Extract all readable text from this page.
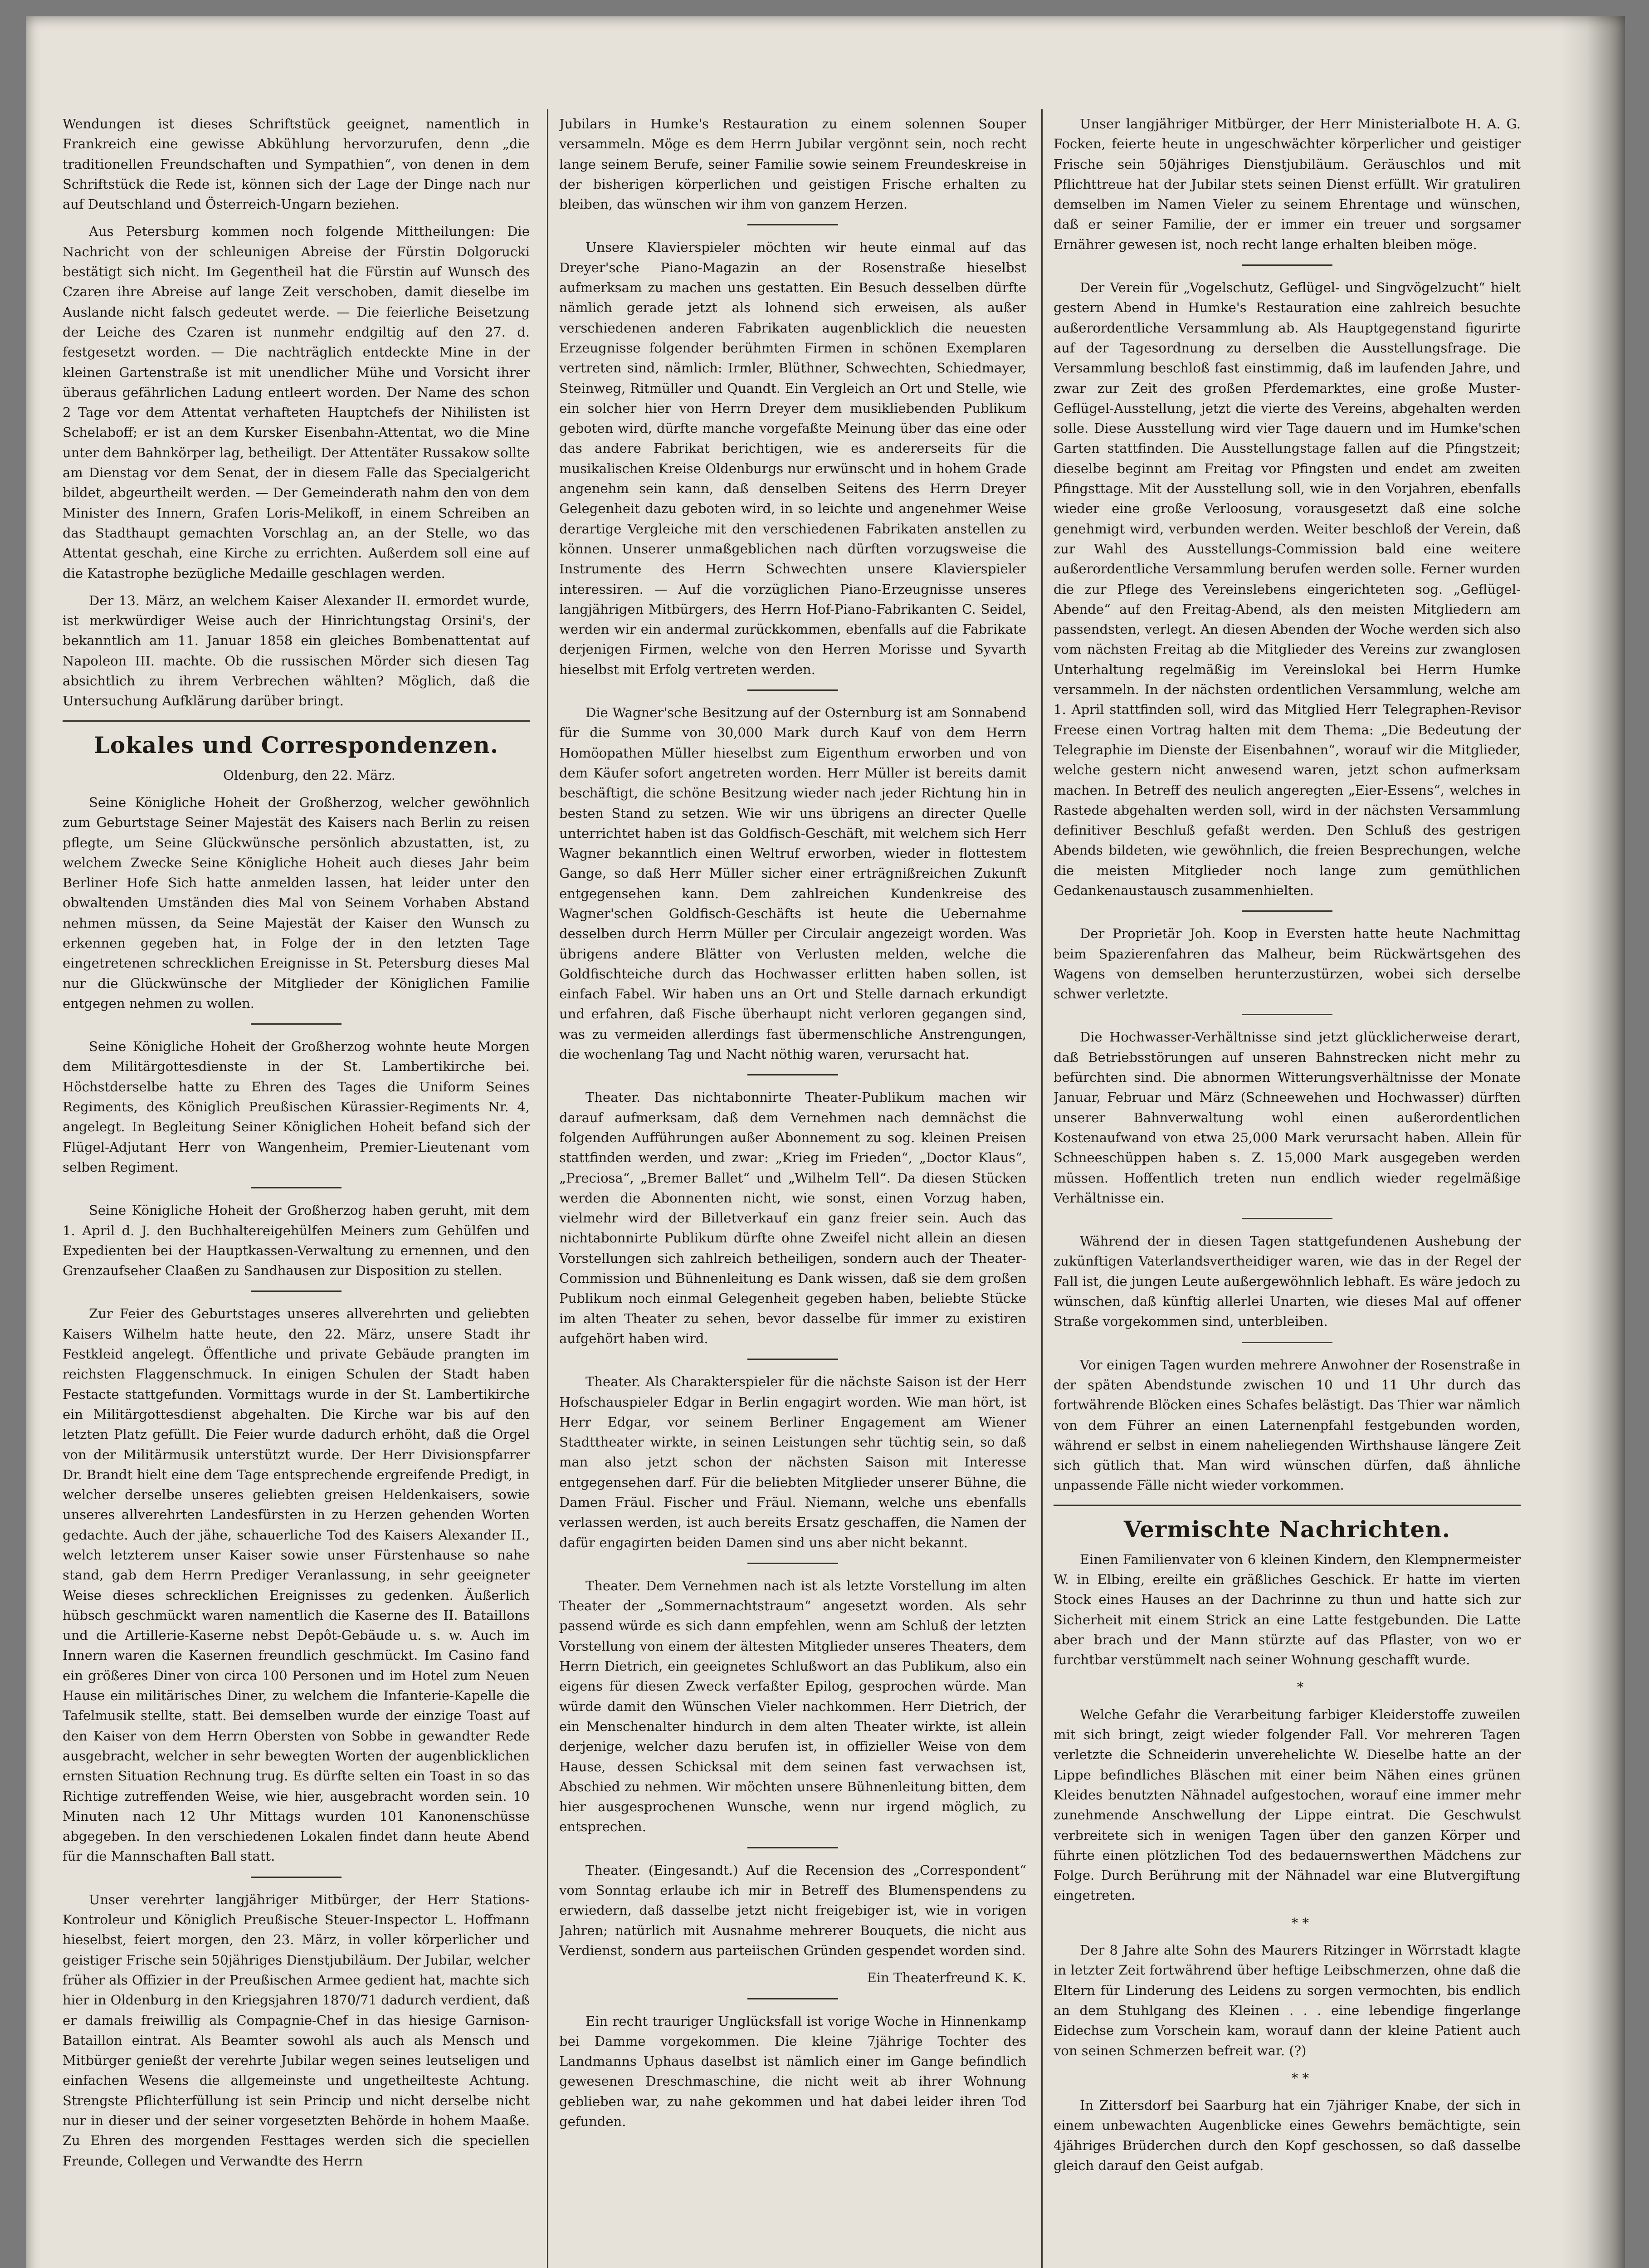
Wendungen ist dieses Schriftstück geeignet, namentlich in Frankreich eine gewisse Abkühlung hervorzurufen, denn „die traditionellen Freundschaften und Sympathien“, von denen in dem Schriftstück die Rede ist, können sich der Lage der Dinge nach nur auf Deutschland und Österreich-Ungarn beziehen.

Aus Petersburg kommen noch folgende Mittheilungen: Die Nachricht von der schleunigen Abreise der Fürstin Dolgorucki bestätigt sich nicht. Im Gegentheil hat die Fürstin auf Wunsch des Czaren ihre Abreise auf lange Zeit verschoben, damit dieselbe im Auslande nicht falsch gedeutet werde. — Die feierliche Beisetzung der Leiche des Czaren ist nunmehr endgiltig auf den 27. d. festgesetzt worden. — Die nachträglich entdeckte Mine in der kleinen Gartenstraße ist mit unendlicher Mühe und Vorsicht ihrer überaus gefährlichen Ladung entleert worden. Der Name des schon 2 Tage vor dem Attentat verhafteten Hauptchefs der Nihilisten ist Schelaboff; er ist an dem Kursker Eisenbahn-Attentat, wo die Mine unter dem Bahnkörper lag, betheiligt. Der Attentäter Russakow sollte am Dienstag vor dem Senat, der in diesem Falle das Specialgericht bildet, abgeurtheilt werden. — Der Gemeinderath nahm den von dem Minister des Innern, Grafen Loris-Melikoff, in einem Schreiben an das Stadthaupt gemachten Vorschlag an, an der Stelle, wo das Attentat geschah, eine Kirche zu errichten. Außerdem soll eine auf die Katastrophe bezügliche Medaille geschlagen werden.

Der 13. März, an welchem Kaiser Alexander II. ermordet wurde, ist merkwürdiger Weise auch der Hinrichtungstag Orsini's, der bekanntlich am 11. Januar 1858 ein gleiches Bombenattentat auf Napoleon III. machte. Ob die russischen Mörder sich diesen Tag absichtlich zu ihrem Verbrechen wählten? Möglich, daß die Untersuchung Aufklärung darüber bringt.

Lokales und Correspondenzen.

Oldenburg, den 22. März.

Seine Königliche Hoheit der Großherzog, welcher gewöhnlich zum Geburtstage Seiner Majestät des Kaisers nach Berlin zu reisen pflegte, um Seine Glückwünsche persönlich abzustatten, ist, zu welchem Zwecke Seine Königliche Hoheit auch dieses Jahr beim Berliner Hofe Sich hatte anmelden lassen, hat leider unter den obwaltenden Umständen dies Mal von Seinem Vorhaben Abstand nehmen müssen, da Seine Majestät der Kaiser den Wunsch zu erkennen gegeben hat, in Folge der in den letzten Tage eingetretenen schrecklichen Ereignisse in St. Petersburg dieses Mal nur die Glückwünsche der Mitglieder der Königlichen Familie entgegen nehmen zu wollen.

Seine Königliche Hoheit der Großherzog wohnte heute Morgen dem Militärgottesdienste in der St. Lambertikirche bei. Höchstderselbe hatte zu Ehren des Tages die Uniform Seines Regiments, des Königlich Preußischen Kürassier-Regiments Nr. 4, angelegt. In Begleitung Seiner Königlichen Hoheit befand sich der Flügel-Adjutant Herr von Wangenheim, Premier-Lieutenant vom selben Regiment.

Seine Königliche Hoheit der Großherzog haben geruht, mit dem 1. April d. J. den Buchhaltereigehülfen Meiners zum Gehülfen und Expedienten bei der Hauptkassen-Verwaltung zu ernennen, und den Grenzaufseher Claaßen zu Sandhausen zur Disposition zu stellen.

Zur Feier des Geburtstages unseres allverehrten und geliebten Kaisers Wilhelm hatte heute, den 22. März, unsere Stadt ihr Festkleid angelegt. Öffentliche und private Gebäude prangten im reichsten Flaggenschmuck. In einigen Schulen der Stadt haben Festacte stattgefunden. Vormittags wurde in der St. Lambertikirche ein Militärgottesdienst abgehalten. Die Kirche war bis auf den letzten Platz gefüllt. Die Feier wurde dadurch erhöht, daß die Orgel von der Militärmusik unterstützt wurde. Der Herr Divisionspfarrer Dr. Brandt hielt eine dem Tage entsprechende ergreifende Predigt, in welcher derselbe unseres geliebten greisen Heldenkaisers, sowie unseres allverehrten Landesfürsten in zu Herzen gehenden Worten gedachte. Auch der jähe, schauerliche Tod des Kaisers Alexander II., welch letzterem unser Kaiser sowie unser Fürstenhause so nahe stand, gab dem Herrn Prediger Veranlassung, in sehr geeigneter Weise dieses schrecklichen Ereignisses zu gedenken. Äußerlich hübsch geschmückt waren namentlich die Kaserne des II. Bataillons und die Artillerie-Kaserne nebst Depôt-Gebäude u. s. w. Auch im Innern waren die Kasernen freundlich geschmückt. Im Casino fand ein größeres Diner von circa 100 Personen und im Hotel zum Neuen Hause ein militärisches Diner, zu welchem die Infanterie-Kapelle die Tafelmusik stellte, statt. Bei demselben wurde der einzige Toast auf den Kaiser von dem Herrn Obersten von Sobbe in gewandter Rede ausgebracht, welcher in sehr bewegten Worten der augenblicklichen ernsten Situation Rechnung trug. Es dürfte selten ein Toast in so das Richtige zutreffenden Weise, wie hier, ausgebracht worden sein. 10 Minuten nach 12 Uhr Mittags wurden 101 Kanonenschüsse abgegeben. In den verschiedenen Lokalen findet dann heute Abend für die Mannschaften Ball statt.

Unser verehrter langjähriger Mitbürger, der Herr Stations-Kontroleur und Königlich Preußische Steuer-Inspector L. Hoffmann hieselbst, feiert morgen, den 23. März, in voller körperlicher und geistiger Frische sein 50jähriges Dienstjubiläum. Der Jubilar, welcher früher als Offizier in der Preußischen Armee gedient hat, machte sich hier in Oldenburg in den Kriegsjahren 1870/71 dadurch verdient, daß er damals freiwillig als Compagnie-Chef in das hiesige Garnison-Bataillon eintrat. Als Beamter sowohl als auch als Mensch und Mitbürger genießt der verehrte Jubilar wegen seines leutseligen und einfachen Wesens die allgemeinste und ungetheilteste Achtung. Strengste Pflichterfüllung ist sein Princip und nicht derselbe nicht nur in dieser und der seiner vorgesetzten Behörde in hohem Maaße. Zu Ehren des morgenden Festtages werden sich die speciellen Freunde, Collegen und Verwandte des Herrn

Jubilars in Humke's Restauration zu einem solennen Souper versammeln. Möge es dem Herrn Jubilar vergönnt sein, noch recht lange seinem Berufe, seiner Familie sowie seinem Freundeskreise in der bisherigen körperlichen und geistigen Frische erhalten zu bleiben, das wünschen wir ihm von ganzem Herzen.

Unsere Klavierspieler möchten wir heute einmal auf das Dreyer'sche Piano-Magazin an der Rosenstraße hieselbst aufmerksam zu machen uns gestatten. Ein Besuch desselben dürfte nämlich gerade jetzt als lohnend sich erweisen, als außer verschiedenen anderen Fabrikaten augenblicklich die neuesten Erzeugnisse folgender berühmten Firmen in schönen Exemplaren vertreten sind, nämlich: Irmler, Blüthner, Schwechten, Schiedmayer, Steinweg, Ritmüller und Quandt. Ein Vergleich an Ort und Stelle, wie ein solcher hier von Herrn Dreyer dem musikliebenden Publikum geboten wird, dürfte manche vorgefaßte Meinung über das eine oder das andere Fabrikat berichtigen, wie es andererseits für die musikalischen Kreise Oldenburgs nur erwünscht und in hohem Grade angenehm sein kann, daß denselben Seitens des Herrn Dreyer Gelegenheit dazu geboten wird, in so leichte und angenehmer Weise derartige Vergleiche mit den verschiedenen Fabrikaten anstellen zu können. Unserer unmaßgeblichen nach dürften vorzugsweise die Instrumente des Herrn Schwechten unsere Klavierspieler interessiren. — Auf die vorzüglichen Piano-Erzeugnisse unseres langjährigen Mitbürgers, des Herrn Hof-Piano-Fabrikanten C. Seidel, werden wir ein andermal zurückkommen, ebenfalls auf die Fabrikate derjenigen Firmen, welche von den Herren Morisse und Syvarth hieselbst mit Erfolg vertreten werden.

Die Wagner'sche Besitzung auf der Osternburg ist am Sonnabend für die Summe von 30,000 Mark durch Kauf von dem Herrn Homöopathen Müller hieselbst zum Eigenthum erworben und von dem Käufer sofort angetreten worden. Herr Müller ist bereits damit beschäftigt, die schöne Besitzung wieder nach jeder Richtung hin in besten Stand zu setzen. Wie wir uns übrigens an directer Quelle unterrichtet haben ist das Goldfisch-Geschäft, mit welchem sich Herr Wagner bekanntlich einen Weltruf erworben, wieder in flottestem Gange, so daß Herr Müller sicher einer erträgnißreichen Zukunft entgegensehen kann. Dem zahlreichen Kundenkreise des Wagner'schen Goldfisch-Geschäfts ist heute die Uebernahme desselben durch Herrn Müller per Circulair angezeigt worden. Was übrigens andere Blätter von Verlusten melden, welche die Goldfischteiche durch das Hochwasser erlitten haben sollen, ist einfach Fabel. Wir haben uns an Ort und Stelle darnach erkundigt und erfahren, daß Fische überhaupt nicht verloren gegangen sind, was zu vermeiden allerdings fast übermenschliche Anstrengungen, die wochenlang Tag und Nacht nöthig waren, verursacht hat.

Theater. Das nichtabonnirte Theater-Publikum machen wir darauf aufmerksam, daß dem Vernehmen nach demnächst die folgenden Aufführungen außer Abonnement zu sog. kleinen Preisen stattfinden werden, und zwar: „Krieg im Frieden“, „Doctor Klaus“, „Preciosa“, „Bremer Ballet“ und „Wilhelm Tell“. Da diesen Stücken werden die Abonnenten nicht, wie sonst, einen Vorzug haben, vielmehr wird der Billetverkauf ein ganz freier sein. Auch das nichtabonnirte Publikum dürfte ohne Zweifel nicht allein an diesen Vorstellungen sich zahlreich betheiligen, sondern auch der Theater-Commission und Bühnenleitung es Dank wissen, daß sie dem großen Publikum noch einmal Gelegenheit gegeben haben, beliebte Stücke im alten Theater zu sehen, bevor dasselbe für immer zu existiren aufgehört haben wird.

Theater. Als Charakterspieler für die nächste Saison ist der Herr Hofschauspieler Edgar in Berlin engagirt worden. Wie man hört, ist Herr Edgar, vor seinem Berliner Engagement am Wiener Stadttheater wirkte, in seinen Leistungen sehr tüchtig sein, so daß man also jetzt schon der nächsten Saison mit Interesse entgegensehen darf. Für die beliebten Mitglieder unserer Bühne, die Damen Fräul. Fischer und Fräul. Niemann, welche uns ebenfalls verlassen werden, ist auch bereits Ersatz geschaffen, die Namen der dafür engagirten beiden Damen sind uns aber nicht bekannt.

Theater. Dem Vernehmen nach ist als letzte Vorstellung im alten Theater der „Sommernachtstraum“ angesetzt worden. Als sehr passend würde es sich dann empfehlen, wenn am Schluß der letzten Vorstellung von einem der ältesten Mitglieder unseres Theaters, dem Herrn Dietrich, ein geeignetes Schlußwort an das Publikum, also ein eigens für diesen Zweck verfaßter Epilog, gesprochen würde. Man würde damit den Wünschen Vieler nachkommen. Herr Dietrich, der ein Menschenalter hindurch in dem alten Theater wirkte, ist allein derjenige, welcher dazu berufen ist, in offizieller Weise von dem Hause, dessen Schicksal mit dem seinen fast verwachsen ist, Abschied zu nehmen. Wir möchten unsere Bühnenleitung bitten, dem hier ausgesprochenen Wunsche, wenn nur irgend möglich, zu entsprechen.

Theater. (Eingesandt.) Auf die Recension des „Correspondent“ vom Sonntag erlaube ich mir in Betreff des Blumenspendens zu erwiedern, daß dasselbe jetzt nicht freigebiger ist, wie in vorigen Jahren; natürlich mit Ausnahme mehrerer Bouquets, die nicht aus Verdienst, sondern aus parteiischen Gründen gespendet worden sind.

Ein Theaterfreund K. K.

Ein recht trauriger Unglücksfall ist vorige Woche in Hinnenkamp bei Damme vorgekommen. Die kleine 7jährige Tochter des Landmanns Uphaus daselbst ist nämlich einer im Gange befindlich gewesenen Dreschmaschine, die nicht weit ab ihrer Wohnung geblieben war, zu nahe gekommen und hat dabei leider ihren Tod gefunden.

Unser langjähriger Mitbürger, der Herr Ministerialbote H. A. G. Focken, feierte heute in ungeschwächter körperlicher und geistiger Frische sein 50jähriges Dienstjubiläum. Geräuschlos und mit Pflichttreue hat der Jubilar stets seinen Dienst erfüllt. Wir gratuliren demselben im Namen Vieler zu seinem Ehrentage und wünschen, daß er seiner Familie, der er immer ein treuer und sorgsamer Ernährer gewesen ist, noch recht lange erhalten bleiben möge.

Der Verein für „Vogelschutz, Geflügel- und Singvögelzucht“ hielt gestern Abend in Humke's Restauration eine zahlreich besuchte außerordentliche Versammlung ab. Als Hauptgegenstand figurirte auf der Tagesordnung zu derselben die Ausstellungsfrage. Die Versammlung beschloß fast einstimmig, daß im laufenden Jahre, und zwar zur Zeit des großen Pferdemarktes, eine große Muster-Geflügel-Ausstellung, jetzt die vierte des Vereins, abgehalten werden solle. Diese Ausstellung wird vier Tage dauern und im Humke'schen Garten stattfinden. Die Ausstellungstage fallen auf die Pfingstzeit; dieselbe beginnt am Freitag vor Pfingsten und endet am zweiten Pfingsttage. Mit der Ausstellung soll, wie in den Vorjahren, ebenfalls wieder eine große Verloosung, vorausgesetzt daß eine solche genehmigt wird, verbunden werden. Weiter beschloß der Verein, daß zur Wahl des Ausstellungs-Commission bald eine weitere außerordentliche Versammlung berufen werden solle. Ferner wurden die zur Pflege des Vereinslebens eingerichteten sog. „Geflügel-Abende“ auf den Freitag-Abend, als den meisten Mitgliedern am passendsten, verlegt. An diesen Abenden der Woche werden sich also vom nächsten Freitag ab die Mitglieder des Vereins zur zwanglosen Unterhaltung regelmäßig im Vereinslokal bei Herrn Humke versammeln. In der nächsten ordentlichen Versammlung, welche am 1. April stattfinden soll, wird das Mitglied Herr Telegraphen-Revisor Freese einen Vortrag halten mit dem Thema: „Die Bedeutung der Telegraphie im Dienste der Eisenbahnen“, worauf wir die Mitglieder, welche gestern nicht anwesend waren, jetzt schon aufmerksam machen. In Betreff des neulich angeregten „Eier-Essens“, welches in Rastede abgehalten werden soll, wird in der nächsten Versammlung definitiver Beschluß gefaßt werden. Den Schluß des gestrigen Abends bildeten, wie gewöhnlich, die freien Besprechungen, welche die meisten Mitglieder noch lange zum gemüthlichen Gedankenaustausch zusammenhielten.

Der Proprietär Joh. Koop in Eversten hatte heute Nachmittag beim Spazierenfahren das Malheur, beim Rückwärtsgehen des Wagens von demselben herunterzustürzen, wobei sich derselbe schwer verletzte.

Die Hochwasser-Verhältnisse sind jetzt glücklicherweise derart, daß Betriebsstörungen auf unseren Bahnstrecken nicht mehr zu befürchten sind. Die abnormen Witterungsverhältnisse der Monate Januar, Februar und März (Schneewehen und Hochwasser) dürften unserer Bahnverwaltung wohl einen außerordentlichen Kostenaufwand von etwa 25,000 Mark verursacht haben. Allein für Schneeschüppen haben s. Z. 15,000 Mark ausgegeben werden müssen. Hoffentlich treten nun endlich wieder regelmäßige Verhältnisse ein.

Während der in diesen Tagen stattgefundenen Aushebung der zukünftigen Vaterlandsvertheidiger waren, wie das in der Regel der Fall ist, die jungen Leute außergewöhnlich lebhaft. Es wäre jedoch zu wünschen, daß künftig allerlei Unarten, wie dieses Mal auf offener Straße vorgekommen sind, unterbleiben.

Vor einigen Tagen wurden mehrere Anwohner der Rosenstraße in der späten Abendstunde zwischen 10 und 11 Uhr durch das fortwährende Blöcken eines Schafes belästigt. Das Thier war nämlich von dem Führer an einen Laternenpfahl festgebunden worden, während er selbst in einem naheliegenden Wirthshause längere Zeit sich gütlich that. Man wird wünschen dürfen, daß ähnliche unpassende Fälle nicht wieder vorkommen.

Vermischte Nachrichten.

Einen Familienvater von 6 kleinen Kindern, den Klempnermeister W. in Elbing, ereilte ein gräßliches Geschick. Er hatte im vierten Stock eines Hauses an der Dachrinne zu thun und hatte sich zur Sicherheit mit einem Strick an eine Latte festgebunden. Die Latte aber brach und der Mann stürzte auf das Pflaster, von wo er furchtbar verstümmelt nach seiner Wohnung geschafft wurde.

*

Welche Gefahr die Verarbeitung farbiger Kleiderstoffe zuweilen mit sich bringt, zeigt wieder folgender Fall. Vor mehreren Tagen verletzte die Schneiderin unverehelichte W. Dieselbe hatte an der Lippe befindliches Bläschen mit einer beim Nähen eines grünen Kleides benutzten Nähnadel aufgestochen, worauf eine immer mehr zunehmende Anschwellung der Lippe eintrat. Die Geschwulst verbreitete sich in wenigen Tagen über den ganzen Körper und führte einen plötzlichen Tod des bedauernswerthen Mädchens zur Folge. Durch Berührung mit der Nähnadel war eine Blutvergiftung eingetreten.

* *

Der 8 Jahre alte Sohn des Maurers Ritzinger in Wörrstadt klagte in letzter Zeit fortwährend über heftige Leibschmerzen, ohne daß die Eltern für Linderung des Leidens zu sorgen vermochten, bis endlich an dem Stuhlgang des Kleinen . . . eine lebendige fingerlange Eidechse zum Vorschein kam, worauf dann der kleine Patient auch von seinen Schmerzen befreit war. (?)

* *

In Zittersdorf bei Saarburg hat ein 7jähriger Knabe, der sich in einem unbewachten Augenblicke eines Gewehrs bemächtigte, sein 4jähriges Brüderchen durch den Kopf geschossen, so daß dasselbe gleich darauf den Geist aufgab.
